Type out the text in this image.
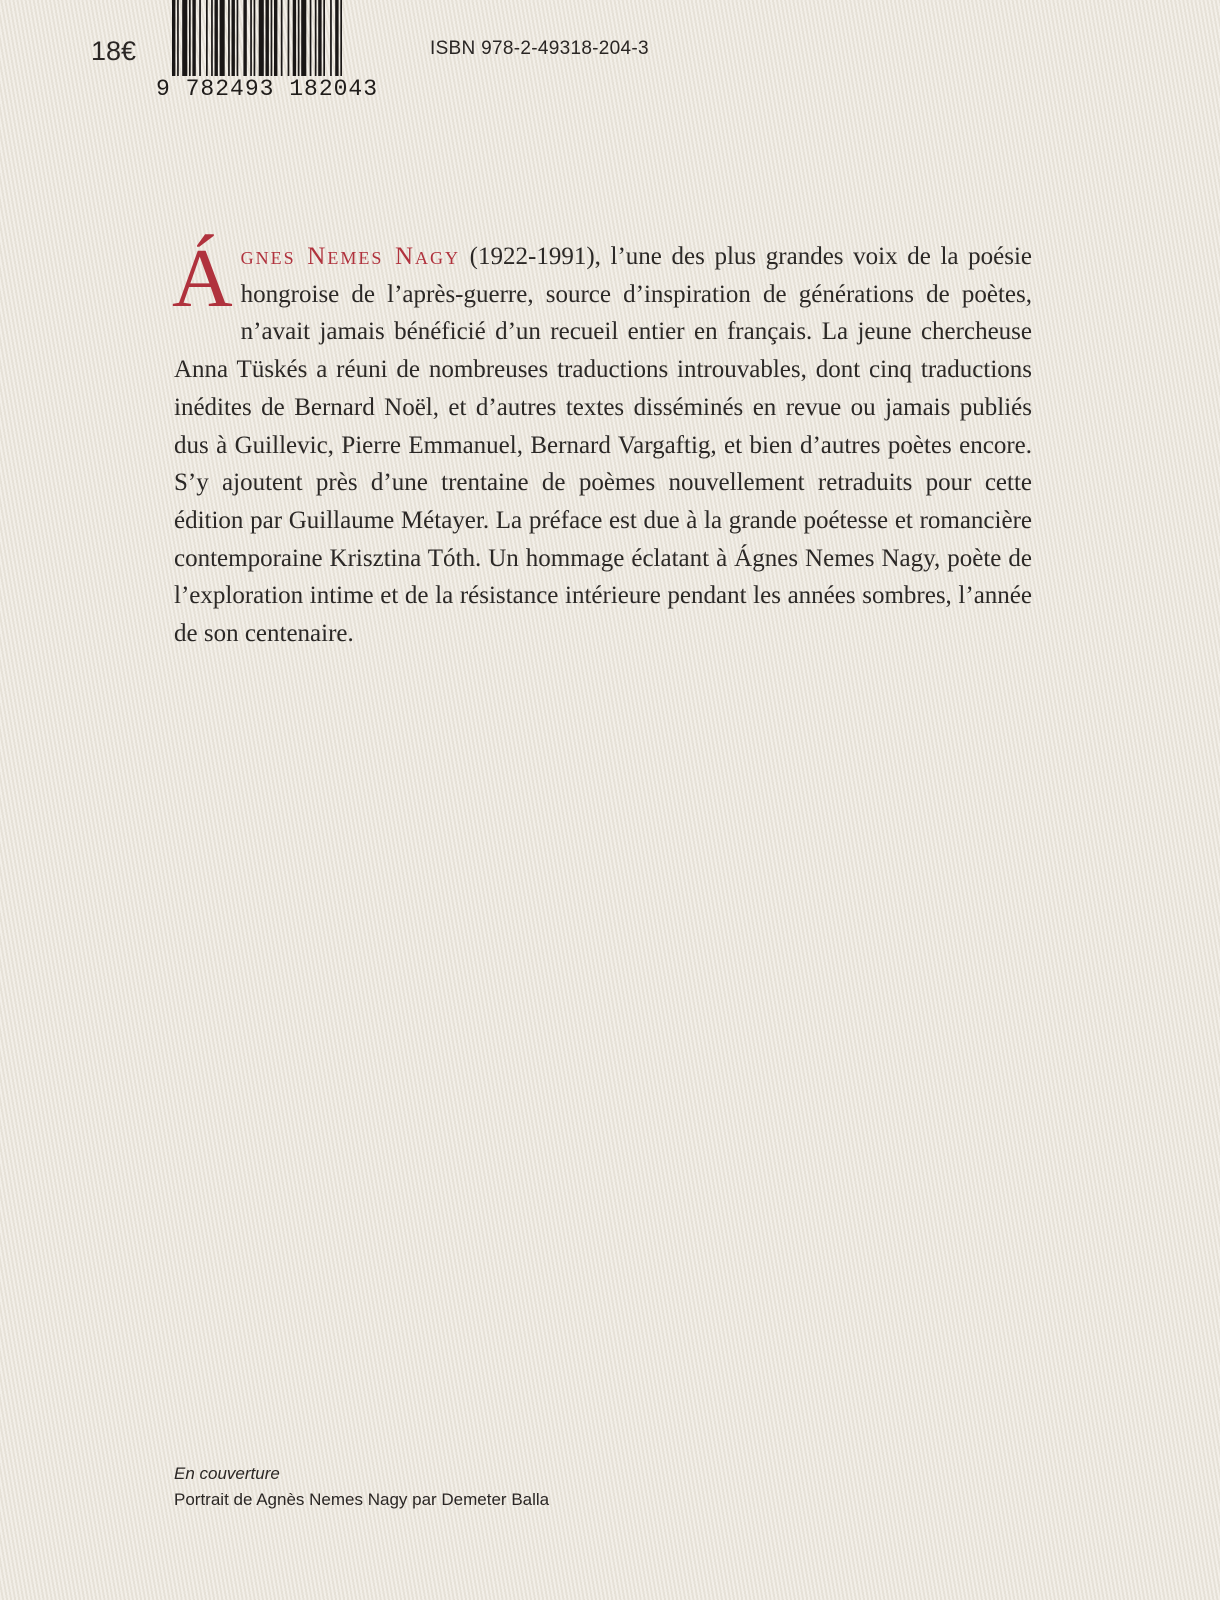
18€
9 782493 182043
ISBN 978-2-49318-204-3
Ágnes Nemes Nagy (1922-1991), l’une des plus grandes voix de la poésie hongroise de l’après-guerre, source d’inspiration de générations de poètes, n’avait jamais bénéficié d’un recueil entier en français. La jeune chercheuse Anna Tüskés a réuni de nombreuses traductions introuvables, dont cinq traductions inédites de Bernard Noël, et d’autres textes disséminés en revue ou jamais publiés dus à Guillevic, Pierre Emmanuel, Bernard Vargaftig, et bien d’autres poètes encore. S’y ajoutent près d’une trentaine de poèmes nouvellement retraduits pour cette édition par Guillaume Métayer. La préface est due à la grande poétesse et romancière contemporaine Krisztina Tóth. Un hommage éclatant à Ágnes Nemes Nagy, poète de l’exploration intime et de la résistance intérieure pendant les années sombres, l’année de son centenaire.
En couverture
Portrait de Agnès Nemes Nagy par Demeter Balla
